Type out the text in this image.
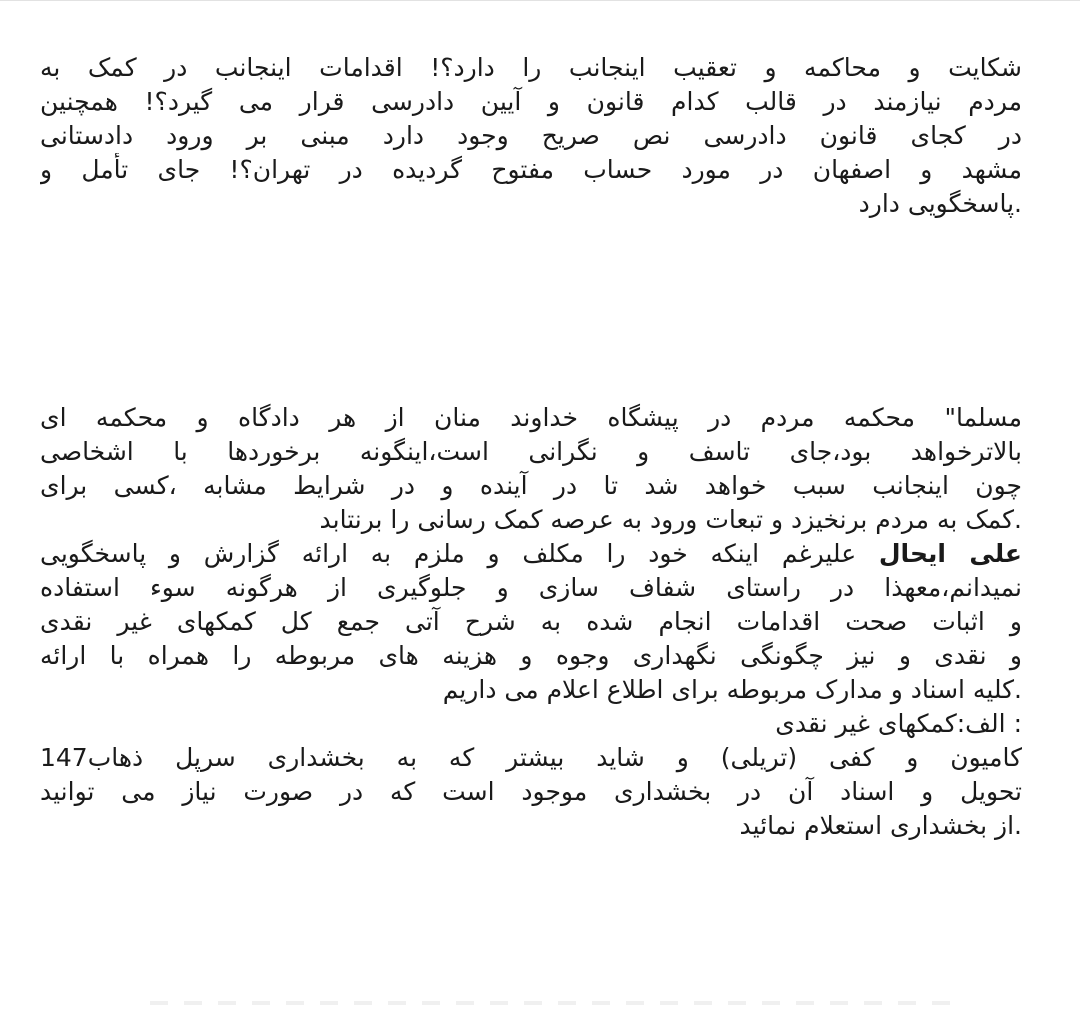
شکایت و محاکمه و تعقیب اینجانب را دارد؟! اقدامات اینجانب در کمک به
مردم نیازمند در قالب کدام قانون و آیین دادرسی قرار می گیرد؟! همچنین
در کجای قانون دادرسی نص صریح وجود دارد مبنی بر ورود دادستانی
مشهد و اصفهان در مورد حساب مفتوح گردیده در تهران؟! جای تأمل و
.پاسخگویی دارد
مسلما" محکمه مردم در پیشگاه خداوند منان از هر دادگاه و محکمه ای
بالاترخواهد بود،جای تاسف و نگرانی است،اینگونه برخوردها با اشخاصی
چون اینجانب سبب خواهد شد تا در آینده و در شرایط مشابه ،کسی برای
.کمک به مردم برنخیزد و تبعات ورود به عرصه کمک رسانی را برنتابد
علی ایحال علیرغم اینکه خود را مکلف و ملزم به ارائه گزارش و پاسخگویی
نمیدانم،معهذا در راستای شفاف سازی و جلوگیری از هرگونه سوء استفاده
و اثبات صحت اقدامات انجام شده به شرح آتی جمع کل کمکهای غیر نقدی
و نقدی و نیز چگونگی نگهداری وجوه و هزینه های مربوطه را همراه با ارائه
.کلیه اسناد و مدارک مربوطه برای اطلاع اعلام می داریم
: الف:کمکهای غیر نقدی
کامیون و کفی (تریلی) و شاید بیشتر که به بخشداری سرپل ذهاب147
تحویل و اسناد آن در بخشداری موجود است که در صورت نیاز می توانید
.از بخشداری استعلام نمائید
